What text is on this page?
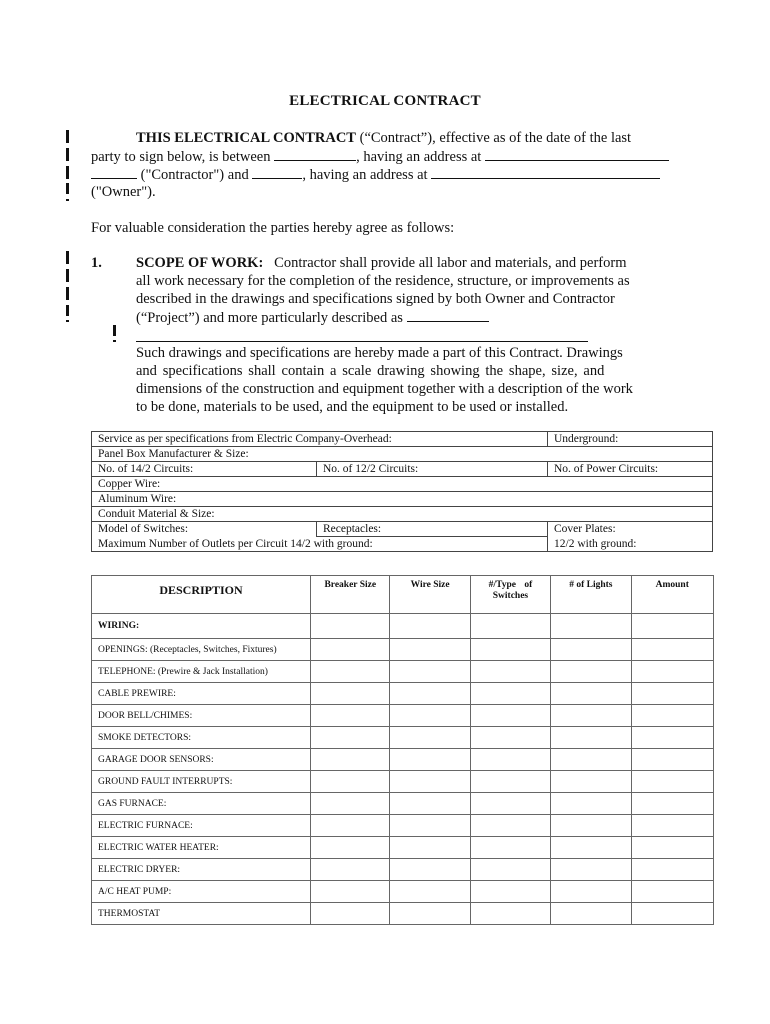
ELECTRICAL CONTRACT
THIS ELECTRICAL CONTRACT (“Contract”), effective as of the date of the last
party to sign below, is between	, having an address at
("Contractor") and	, having an address at
("Owner").
For valuable consideration the parties hereby agree as follows:
1. SCOPE OF WORK: Contractor shall provide all labor and materials, and perform
all work necessary for the completion of the residence, structure, or improvements as
described in the drawings and specifications signed by both Owner and Contractor
(“Project”) and more particularly described as
Such drawings and specifications are hereby made a part of this Contract. Drawings
and specifications shall contain a scale drawing showing the shape, size, and
dimensions of the construction and equipment together with a description of the work
to be done, materials to be used, and the equipment to be used or installed.
Service as per specifications from Electric Company-Overhead:		Underground:
Panel Box Manufacturer & Size:		
No. of 14/2 Circuits:	No. of 12/2 Circuits:	No. of Power Circuits:
Copper Wire:		
Aluminum Wire:		
Conduit Material & Size:		
Model of Switches:	Receptacles:	Cover Plates:
Maximum Number of Outlets per Circuit 14/2 with ground:		12/2 with ground:
DESCRIPTION	Breaker Size	Wire Size	#/Type of
Switches	# of Lights	Amount
WIRING:					
OPENINGS: (Receptacles, Switches, Fixtures)					
TELEPHONE: (Prewire & Jack Installation)					
CABLE PREWIRE:					
DOOR BELL/CHIMES:					
SMOKE DETECTORS:					
GARAGE DOOR SENSORS:					
GROUND FAULT INTERRUPTS:					
GAS FURNACE:					
ELECTRIC FURNACE:					
ELECTRIC WATER HEATER:					
ELECTRIC DRYER:					
A/C HEAT PUMP:					
THERMOSTAT					
